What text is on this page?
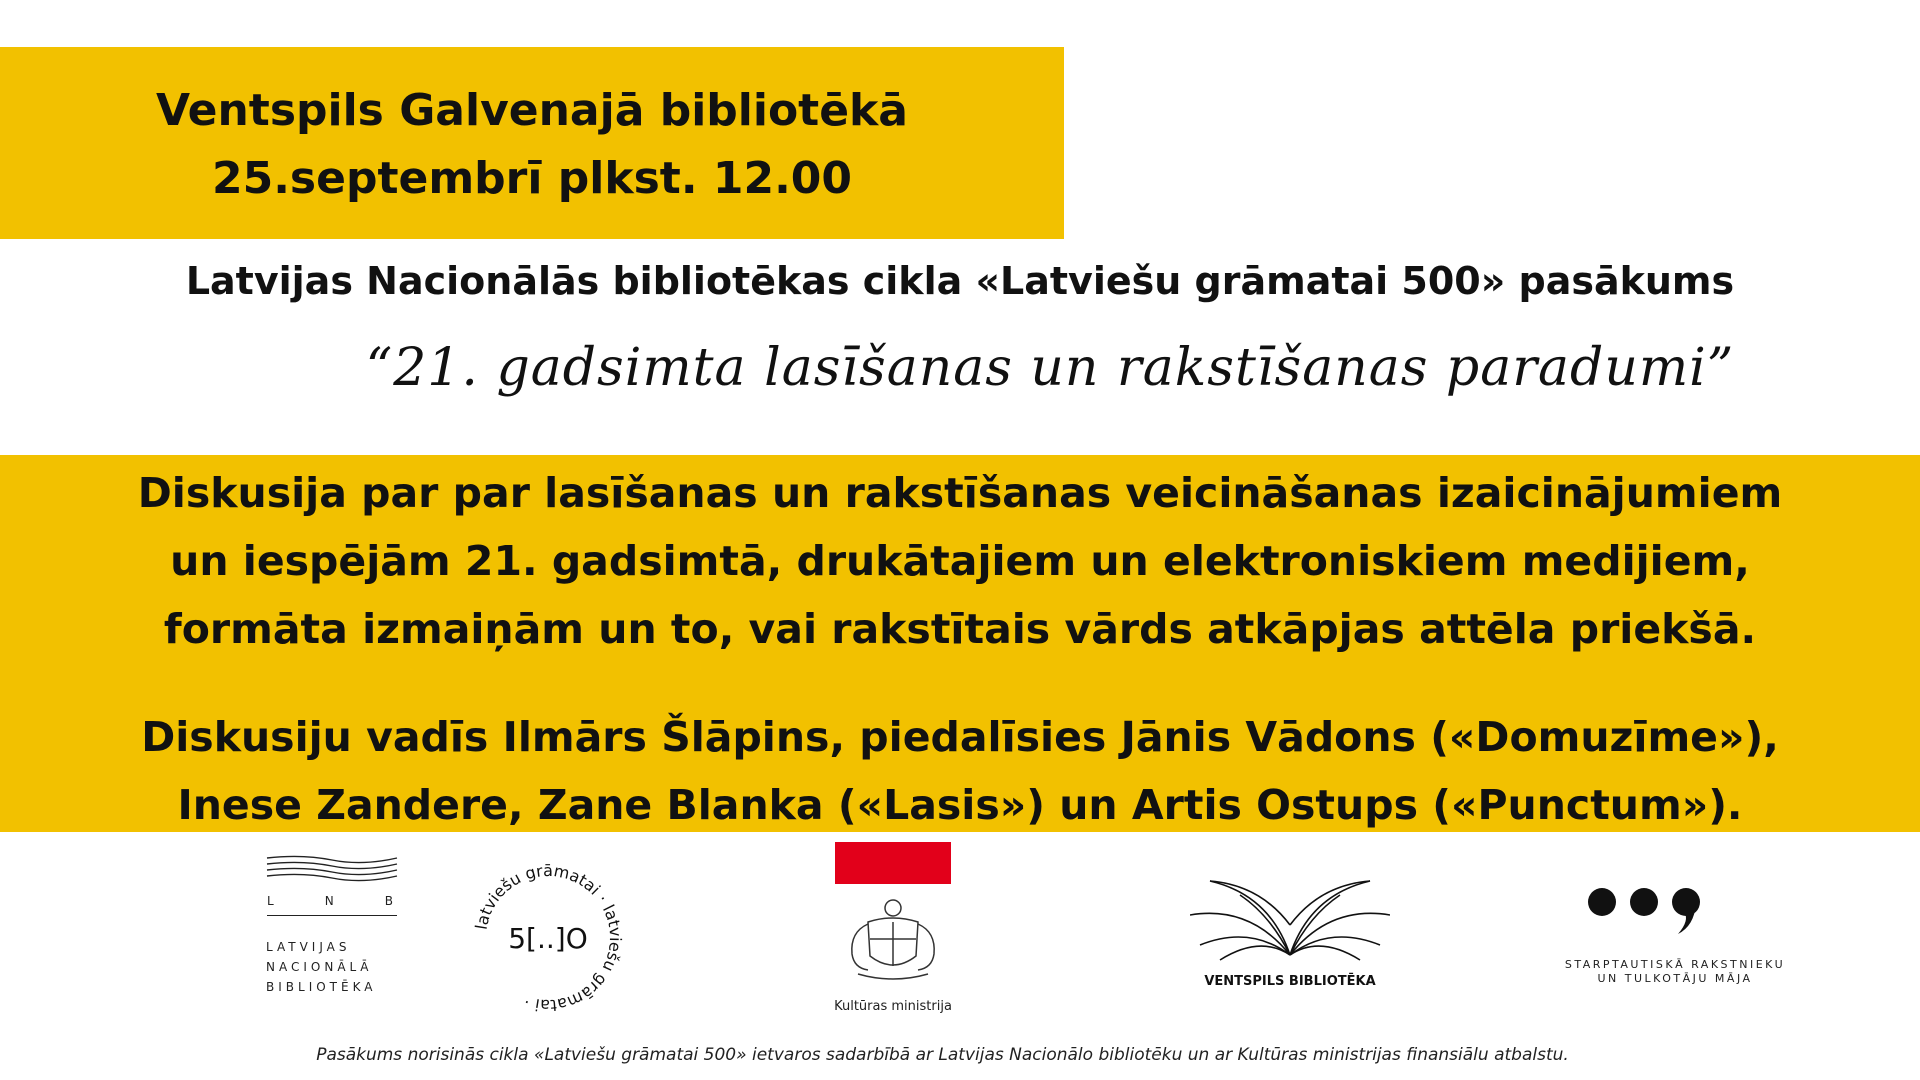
Ventspils Galvenajā bibliotēkā
25.septembrī plkst. 12.00
Latvijas Nacionālās bibliotēkas cikla «Latviešu grāmatai 500» pasākums
“21. gadsimta lasīšanas un rakstīšanas paradumi”
Diskusija par par lasīšanas un rakstīšanas veicināšanas izaicinājumiem
un iespējām 21. gadsimtā, drukātajiem un elektroniskiem medijiem,
formāta izmaiņām un to, vai rakstītais vārds atkāpjas attēla priekšā.
Diskusiju vadīs Ilmārs Šlāpins, piedalīsies Jānis Vādons («Domuzīme»),
Inese Zandere, Zane Blanka («Lasis») un Artis Ostups («Punctum»).
L	N	B
LATVIJAS
NACIONĀLĀ
BIBLIOTĒKA
latviešu grāmatai · latviešu grāmatai ·
5[..]O
Kultūras ministrija
VENTSPILS BIBLIOTĒKA
STARPTAUTISKĀ RAKSTNIEKU
UN TULKOTĀJU MĀJA
Pasākums norisinās cikla «Latviešu grāmatai 500» ietvaros sadarbībā ar Latvijas Nacionālo bibliotēku un ar Kultūras ministrijas finansiālu atbalstu.
